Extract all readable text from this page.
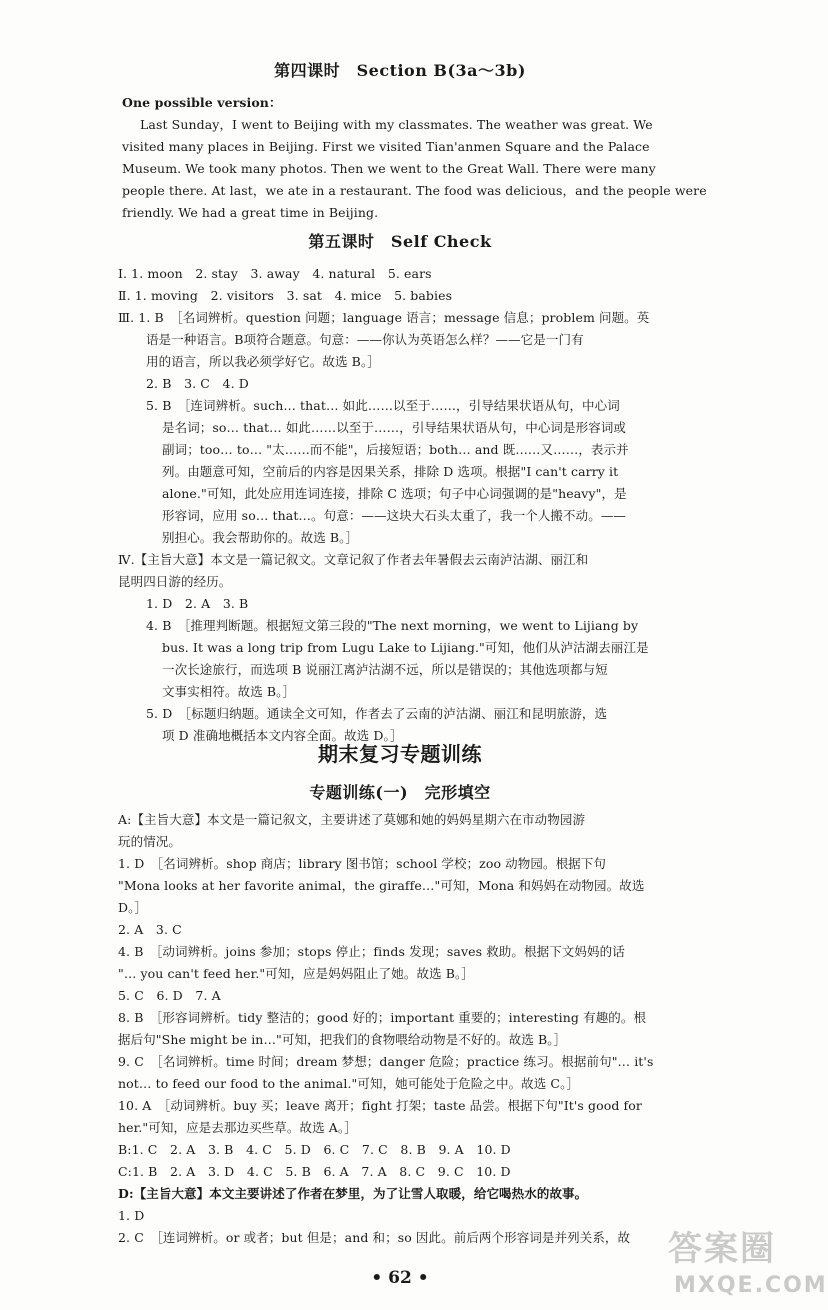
第四课时　Section B(3a～3b)
第五课时　Self Check
期末复习专题训练
专题训练(一)　完形填空
One possible version：
Last Sunday，I went to Beijing with my classmates. The weather was great. We
visited many places in Beijing. First we visited Tian'anmen Square and the Palace
Museum. We took many photos. Then we went to the Great Wall. There were many
people there. At last，we ate in a restaurant. The food was delicious，and the people were
friendly. We had a great time in Beijing.
Ⅰ. 1. moon　2. stay　3. away　4. natural　5. ears
Ⅱ. 1. moving　2. visitors　3. sat　4. mice　5. babies
Ⅲ. 1. B　［名词辨析。question 问题；language 语言；message 信息；problem 问题。英
语是一种语言。B项符合题意。句意：——你认为英语怎么样？——它是一门有
用的语言，所以我必须学好它。故选 B。］
2. B　3. C　4. D
5. B　［连词辨析。such… that… 如此……以至于……，引导结果状语从句，中心词
是名词；so… that… 如此……以至于……，引导结果状语从句，中心词是形容词或
副词；too… to… "太……而不能"，后接短语；both… and 既……又……，表示并
列。由题意可知，空前后的内容是因果关系，排除 D 选项。根据"I can't carry it
alone."可知，此处应用连词连接，排除 C 选项；句子中心词强调的是"heavy"，是
形容词，应用 so… that…。句意：——这块大石头太重了，我一个人搬不动。——
别担心。我会帮助你的。故选 B。］
Ⅳ.【主旨大意】本文是一篇记叙文。文章记叙了作者去年暑假去云南泸沽湖、丽江和
昆明四日游的经历。
1. D　2. A　3. B
4. B　［推理判断题。根据短文第三段的"The next morning，we went to Lijiang by
bus. It was a long trip from Lugu Lake to Lijiang."可知，他们从泸沽湖去丽江是
一次长途旅行，而选项 B 说丽江离泸沽湖不远，所以是错误的；其他选项都与短
文事实相符。故选 B。］
5. D　［标题归纳题。通读全文可知，作者去了云南的泸沽湖、丽江和昆明旅游，选
项 D 准确地概括本文内容全面。故选 D。］
A:【主旨大意】本文是一篇记叙文，主要讲述了莫娜和她的妈妈星期六在市动物园游
玩的情况。
1. D　［名词辨析。shop 商店；library 图书馆；school 学校；zoo 动物园。根据下句
"Mona looks at her favorite animal，the giraffe…"可知，Mona 和妈妈在动物园。故选
D。］
2. A　3. C
4. B　［动词辨析。joins 参加；stops 停止；finds 发现；saves 救助。根据下文妈妈的话
"… you can't feed her."可知，应是妈妈阻止了她。故选 B。］
5. C　6. D　7. A
8. B　［形容词辨析。tidy 整洁的；good 好的；important 重要的；interesting 有趣的。根
据后句"She might be in…"可知，把我们的食物喂给动物是不好的。故选 B。］
9. C　［名词辨析。time 时间；dream 梦想；danger 危险；practice 练习。根据前句"… it's
not… to feed our food to the animal."可知，她可能处于危险之中。故选 C。］
10. A　［动词辨析。buy 买；leave 离开；fight 打架；taste 品尝。根据下句"It's good for
her."可知，应是去那边买些草。故选 A。］
B:1. C　2. A　3. B　4. C　5. D　6. C　7. C　8. B　9. A　10. D
C:1. B　2. A　3. D　4. C　5. B　6. A　7. A　8. C　9. C　10. D
D:【主旨大意】本文主要讲述了作者在梦里，为了让雪人取暖，给它喝热水的故事。
1. D
2. C　［连词辨析。or 或者；but 但是；and 和；so 因此。前后两个形容词是并列关系，故
• 62 •
答案圈
MXQE.COM
